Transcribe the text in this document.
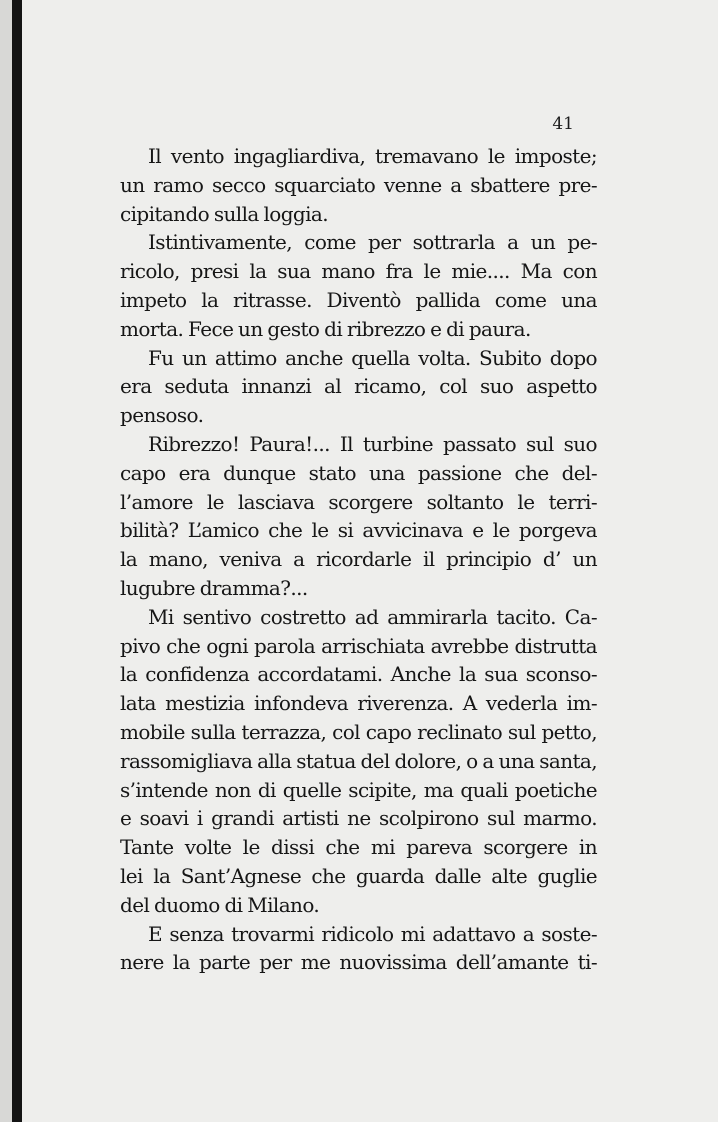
41
Il vento ingagliardiva, tremavano le imposte;
un ramo secco squarciato venne a sbattere pre-
cipitando sulla loggia.
Istintivamente, come per sottrarla a un pe-
ricolo, presi la sua mano fra le mie.... Ma con
impeto la ritrasse. Diventò pallida come una
morta. Fece un gesto di ribrezzo e di paura.
Fu un attimo anche quella volta. Subito dopo
era seduta innanzi al ricamo, col suo aspetto
pensoso.
Ribrezzo! Paura!... Il turbine passato sul suo
capo era dunque stato una passione che del-
l’amore le lasciava scorgere soltanto le terri-
bilità? L’amico che le si avvicinava e le porgeva
la mano, veniva a ricordarle il principio d’ un
lugubre dramma?...
Mi sentivo costretto ad ammirarla tacito. Ca-
pivo che ogni parola arrischiata avrebbe distrutta
la confidenza accordatami. Anche la sua sconso-
lata mestizia infondeva riverenza. A vederla im-
mobile sulla terrazza, col capo reclinato sul petto,
rassomigliava alla statua del dolore, o a una santa,
s’intende non di quelle scipite, ma quali poetiche
e soavi i grandi artisti ne scolpirono sul marmo.
Tante volte le dissi che mi pareva scorgere in
lei la Sant’Agnese che guarda dalle alte guglie
del duomo di Milano.
E senza trovarmi ridicolo mi adattavo a soste-
nere la parte per me nuovissima dell’amante ti-
